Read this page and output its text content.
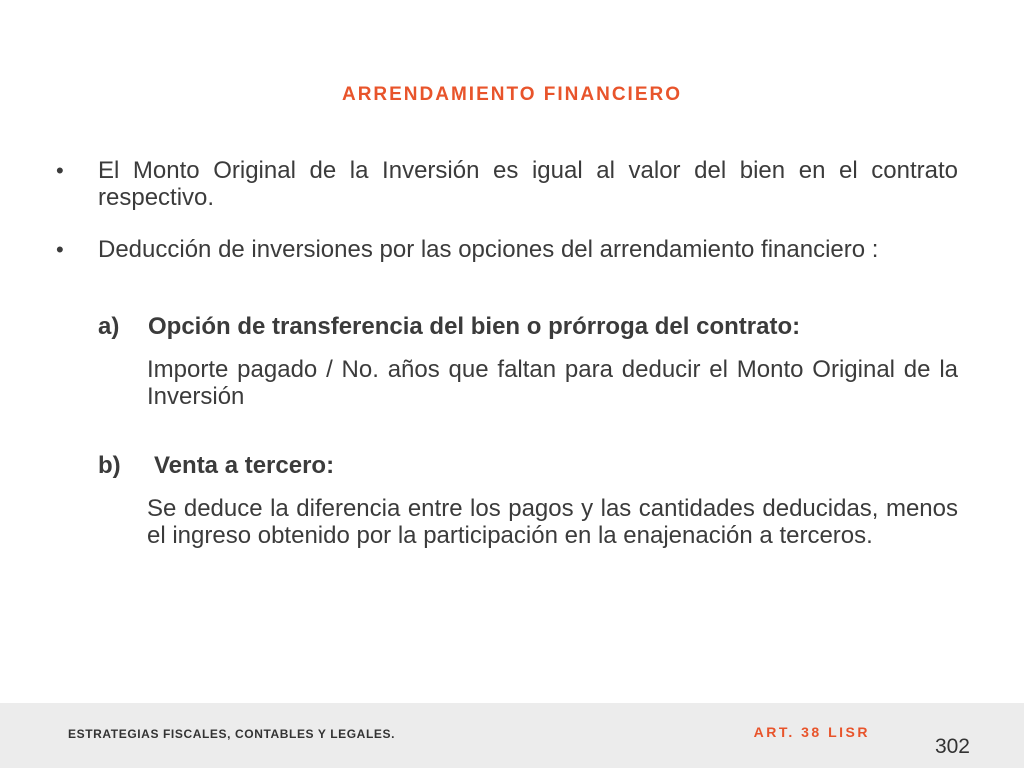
ARRENDAMIENTO FINANCIERO
•	El Monto Original de la Inversión es igual al valor del bien en el contrato respectivo.
•	Deducción de inversiones por las opciones del arrendamiento financiero :
a) Opción de transferencia del bien o prórroga del contrato:
Importe pagado / No. años que faltan para deducir el Monto Original de la Inversión
b) Venta a tercero:
Se deduce la diferencia entre los pagos y las cantidades deducidas, menos el ingreso obtenido por la participación en la enajenación a terceros.
ESTRATEGIAS FISCALES, CONTABLES Y LEGALES.	ART. 38 LISR
302
